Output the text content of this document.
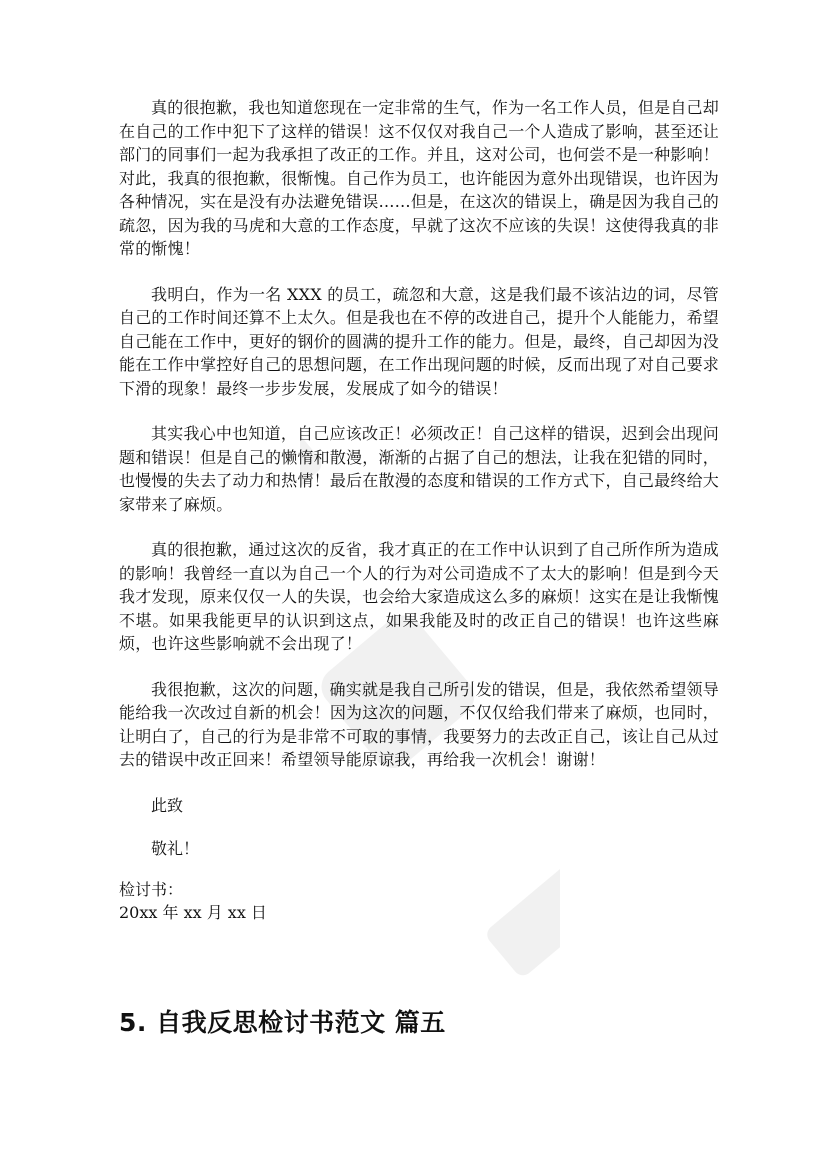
真的很抱歉，我也知道您现在一定非常的生气，作为一名工作人员，但是自己却在自己的工作中犯下了这样的错误！这不仅仅对我自己一个人造成了影响，甚至还让部门的同事们一起为我承担了改正的工作。并且，这对公司，也何尝不是一种影响！对此，我真的很抱歉，很惭愧。自己作为员工，也许能因为意外出现错误，也许因为各种情况，实在是没有办法避免错误……但是，在这次的错误上，确是因为我自己的疏忽，因为我的马虎和大意的工作态度，早就了这次不应该的失误！这使得我真的非常的惭愧！

我明白，作为一名 XXX 的员工，疏忽和大意，这是我们最不该沾边的词，尽管自己的工作时间还算不上太久。但是我也在不停的改进自己，提升个人能能力，希望自己能在工作中，更好的钢价的圆满的提升工作的能力。但是，最终，自己却因为没能在工作中掌控好自己的思想问题，在工作出现问题的时候，反而出现了对自己要求下滑的现象！最终一步步发展，发展成了如今的错误！

其实我心中也知道，自己应该改正！必须改正！自己这样的错误，迟到会出现问题和错误！但是自己的懒惰和散漫，渐渐的占据了自己的想法，让我在犯错的同时，也慢慢的失去了动力和热情！最后在散漫的态度和错误的工作方式下，自己最终给大家带来了麻烦。

真的很抱歉，通过这次的反省，我才真正的在工作中认识到了自己所作所为造成的影响！我曾经一直以为自己一个人的行为对公司造成不了太大的影响！但是到今天我才发现，原来仅仅一人的失误，也会给大家造成这么多的麻烦！这实在是让我惭愧不堪。如果我能更早的认识到这点，如果我能及时的改正自己的错误！也许这些麻烦，也许这些影响就不会出现了！

我很抱歉，这次的问题，确实就是我自己所引发的错误，但是，我依然希望领导能给我一次改过自新的机会！因为这次的问题，不仅仅给我们带来了麻烦，也同时，让明白了，自己的行为是非常不可取的事情，我要努力的去改正自己，该让自己从过去的错误中改正回来！希望领导能原谅我，再给我一次机会！谢谢！

此致

敬礼！

检讨书：
20xx 年 xx 月 xx 日
5. 自我反思检讨书范文 篇五
